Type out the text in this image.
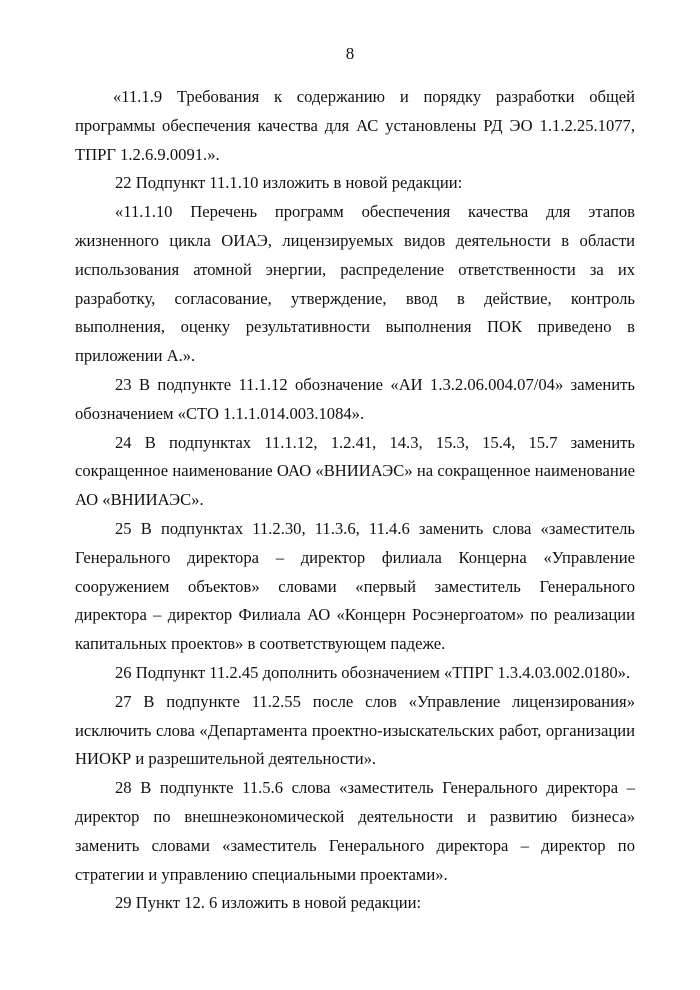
8

«11.1.9 Требования к содержанию и порядку разработки общей программы обеспечения качества для АС установлены РД ЭО 1.1.2.25.1077, ТПРГ 1.2.6.9.0091.».

22 Подпункт 11.1.10 изложить в новой редакции:

«11.1.10 Перечень программ обеспечения качества для этапов жизненного цикла ОИАЭ, лицензируемых видов деятельности в области использования атомной энергии, распределение ответственности за их разработку, согласование, утверждение, ввод в действие, контроль выполнения, оценку результативности выполнения ПОК приведено в приложении А.».

23 В подпункте 11.1.12 обозначение «АИ 1.3.2.06.004.07/04» заменить обозначением «СТО 1.1.1.014.003.1084».

24 В подпунктах 11.1.12, 1.2.41, 14.3, 15.3, 15.4, 15.7 заменить сокращенное наименование ОАО «ВНИИАЭС» на сокращенное наименование АО «ВНИИАЭС».

25 В подпунктах 11.2.30, 11.3.6, 11.4.6 заменить слова «заместитель Генерального директора – директор филиала Концерна «Управление сооружением объектов» словами «первый заместитель Генерального директора – директор Филиала АО «Концерн Росэнергоатом» по реализации капитальных проектов» в соответствующем падеже.

26 Подпункт 11.2.45 дополнить обозначением «ТПРГ 1.3.4.03.002.0180».

27 В подпункте 11.2.55 после слов «Управление лицензирования» исключить слова «Департамента проектно-изыскательских работ, организации НИОКР и разрешительной деятельности».

28 В подпункте 11.5.6 слова «заместитель Генерального директора – директор по внешнеэкономической деятельности и развитию бизнеса» заменить словами «заместитель Генерального директора – директор по стратегии и управлению специальными проектами».

29 Пункт 12. 6 изложить в новой редакции:
